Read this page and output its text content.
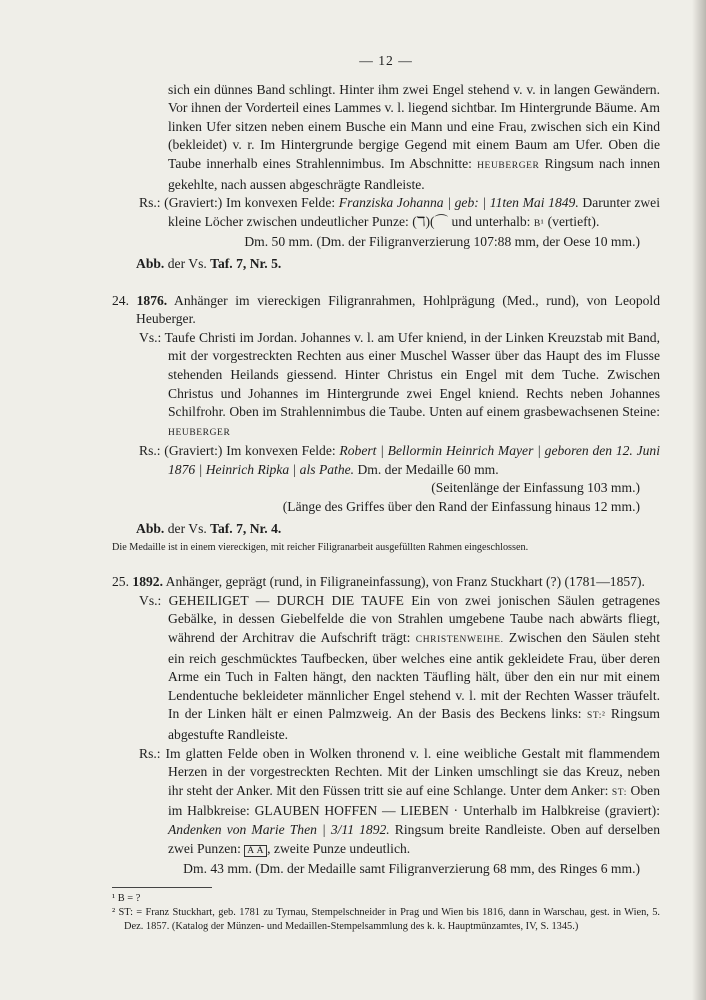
— 12 —

sich ein dünnes Band schlingt. Hinter ihm zwei Engel stehend v. v. in langen Gewändern. Vor ihnen der Vorderteil eines Lammes v. l. liegend sichtbar. Im Hintergrunde Bäume. Am linken Ufer sitzen neben einem Busche ein Mann und eine Frau, zwischen sich ein Kind (bekleidet) v. r. Im Hintergrunde bergige Gegend mit einem Baum am Ufer. Oben die Taube innerhalb eines Strahlennimbus. Im Abschnitte: HEUBERGER Ringsum nach innen gekehlte, nach aussen abgeschrägte Randleiste.

Rs.: (Graviert:) Im konvexen Felde: Franziska Johanna | geb: | 11ten Mai 1849. Darunter zwei kleine Löcher zwischen undeutlicher Punze: (ℸ)(⌒ und unterhalb: B¹ (vertieft).

Dm. 50 mm. (Dm. der Filigranverzierung 107:88 mm, der Oese 10 mm.)

Abb. der Vs. Taf. 7, Nr. 5.

24. 1876. Anhänger im viereckigen Filigranrahmen, Hohlprägung (Med., rund), von Leopold Heuberger.

Vs.: Taufe Christi im Jordan. Johannes v. l. am Ufer kniend, in der Linken Kreuzstab mit Band, mit der vorgestreckten Rechten aus einer Muschel Wasser über das Haupt des im Flusse stehenden Heilands giessend. Hinter Christus ein Engel mit dem Tuche. Zwischen Christus und Johannes im Hintergrunde zwei Engel kniend. Rechts neben Johannes Schilfrohr. Oben im Strahlennimbus die Taube. Unten auf einem grasbewachsenen Steine: HEUBERGER

Rs.: (Graviert:) Im konvexen Felde: Robert | Bellormin Heinrich Mayer | geboren den 12. Juni 1876 | Heinrich Ripka | als Pathe. Dm. der Medaille 60 mm.

(Seitenlänge der Einfassung 103 mm.)

(Länge des Griffes über den Rand der Einfassung hinaus 12 mm.)

Abb. der Vs. Taf. 7, Nr. 4.

Die Medaille ist in einem viereckigen, mit reicher Filigranarbeit ausgefüllten Rahmen eingeschlossen.

25. 1892. Anhänger, geprägt (rund, in Filigraneinfassung), von Franz Stuckhart (?) (1781—1857).

Vs.: GEHEILIGET — DURCH DIE TAUFE Ein von zwei jonischen Säulen getragenes Gebälke, in dessen Giebelfelde die von Strahlen umgebene Taube nach abwärts fliegt, während der Architrav die Aufschrift trägt: CHRISTENWEIHE. Zwischen den Säulen steht ein reich geschmücktes Taufbecken, über welches eine antik gekleidete Frau, über deren Arme ein Tuch in Falten hängt, den nackten Täufling hält, über den ein nur mit einem Lendentuche bekleideter männlicher Engel stehend v. l. mit der Rechten Wasser träufelt. In der Linken hält er einen Palmzweig. An der Basis des Beckens links: ST:² Ringsum abgestufte Randleiste.

Rs.: Im glatten Felde oben in Wolken thronend v. l. eine weibliche Gestalt mit flammendem Herzen in der vorgestreckten Rechten. Mit der Linken umschlingt sie das Kreuz, neben ihr steht der Anker. Mit den Füssen tritt sie auf eine Schlange. Unter dem Anker: ST: Oben im Halbkreise: GLAUBEN HOFFEN — LIEBEN · Unterhalb im Halbkreise (graviert): Andenken von Marie Then | 3/11 1892. Ringsum breite Randleiste. Oben auf derselben zwei Punzen: A A , zweite Punze undeutlich.

Dm. 43 mm. (Dm. der Medaille samt Filigranverzierung 68 mm, des Ringes 6 mm.)

¹ B = ?

² ST: = Franz Stuckhart, geb. 1781 zu Tyrnau, Stempelschneider in Prag und Wien bis 1816, dann in Warschau, gest. in Wien, 5. Dez. 1857. (Katalog der Münzen- und Medaillen-Stempelsammlung des k. k. Hauptmünzamtes, IV, S. 1345.)
